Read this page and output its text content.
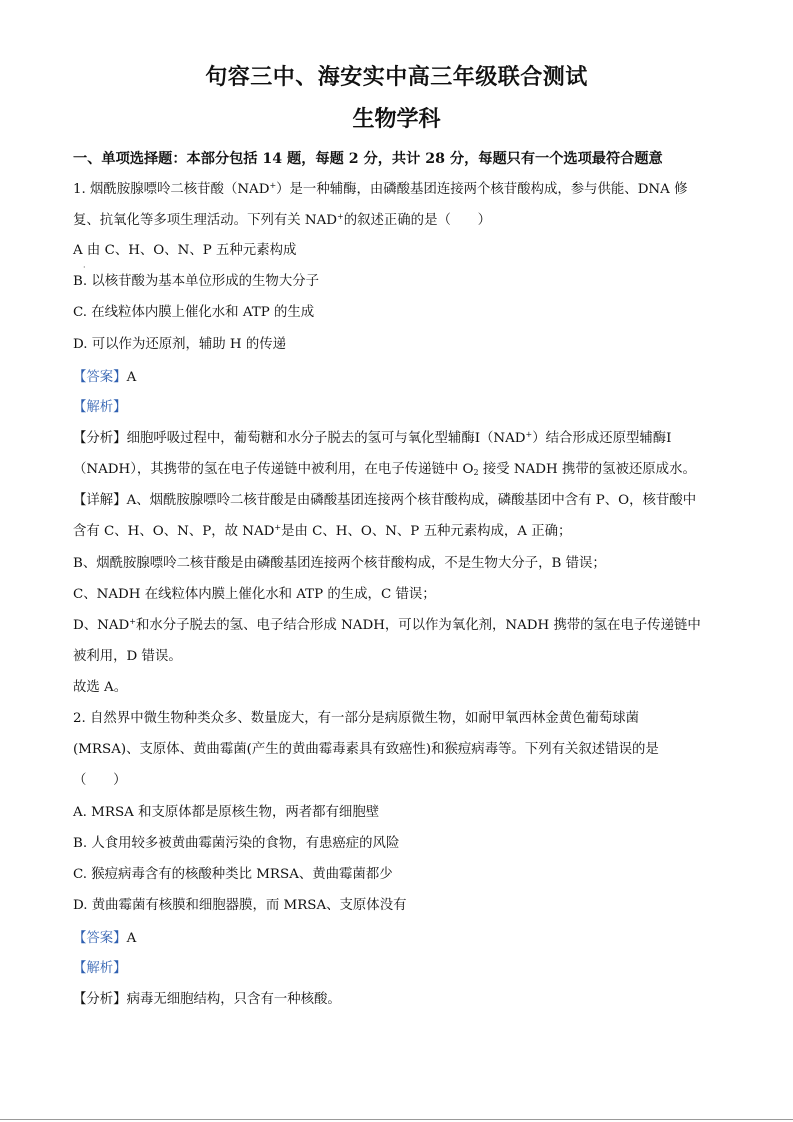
句容三中、海安实中高三年级联合测试
生物学科
一、单项选择题：本部分包括 14 题，每题 2 分，共计 28 分，每题只有一个选项最符合题意
1. 烟酰胺腺嘌呤二核苷酸（NAD+）是一种辅酶，由磷酸基团连接两个核苷酸构成，参与供能、DNA 修
复、抗氧化等多项生理活动。下列有关 NAD+的叙述正确的是（　　）
A 由 C、H、O、N、P 五种元素构成
·
B. 以核苷酸为基本单位形成的生物大分子
C. 在线粒体内膜上催化水和 ATP 的生成
D. 可以作为还原剂，辅助 H 的传递
【答案】A
【解析】
【分析】细胞呼吸过程中，葡萄糖和水分子脱去的氢可与氧化型辅酶Ⅰ（NAD+）结合形成还原型辅酶Ⅰ
（NADH），其携带的氢在电子传递链中被利用，在电子传递链中 $O_2$ 接受 NADH 携带的氢被还原成水。
【详解】A、烟酰胺腺嘌呤二核苷酸是由磷酸基团连接两个核苷酸构成，磷酸基团中含有 P、O，核苷酸中
含有 C、H、O、N、P，故 NAD+是由 C、H、O、N、P 五种元素构成，A 正确；
B、烟酰胺腺嘌呤二核苷酸是由磷酸基团连接两个核苷酸构成，不是生物大分子，B 错误；
C、NADH 在线粒体内膜上催化水和 ATP 的生成，C 错误；
D、NAD+和水分子脱去的氢、电子结合形成 NADH，可以作为氧化剂，NADH 携带的氢在电子传递链中
被利用，D 错误。
故选 A。
2. 自然界中微生物种类众多、数量庞大，有一部分是病原微生物，如耐甲氧西林金黄色葡萄球菌
(MRSA)、支原体、黄曲霉菌(产生的黄曲霉毒素具有致癌性)和猴痘病毒等。下列有关叙述错误的是
（　　）
A. MRSA 和支原体都是原核生物，两者都有细胞壁
B. 人食用较多被黄曲霉菌污染的食物，有患癌症的风险
C. 猴痘病毒含有的核酸种类比 MRSA、黄曲霉菌都少
D. 黄曲霉菌有核膜和细胞器膜，而 MRSA、支原体没有
【答案】A
【解析】
【分析】病毒无细胞结构，只含有一种核酸。
